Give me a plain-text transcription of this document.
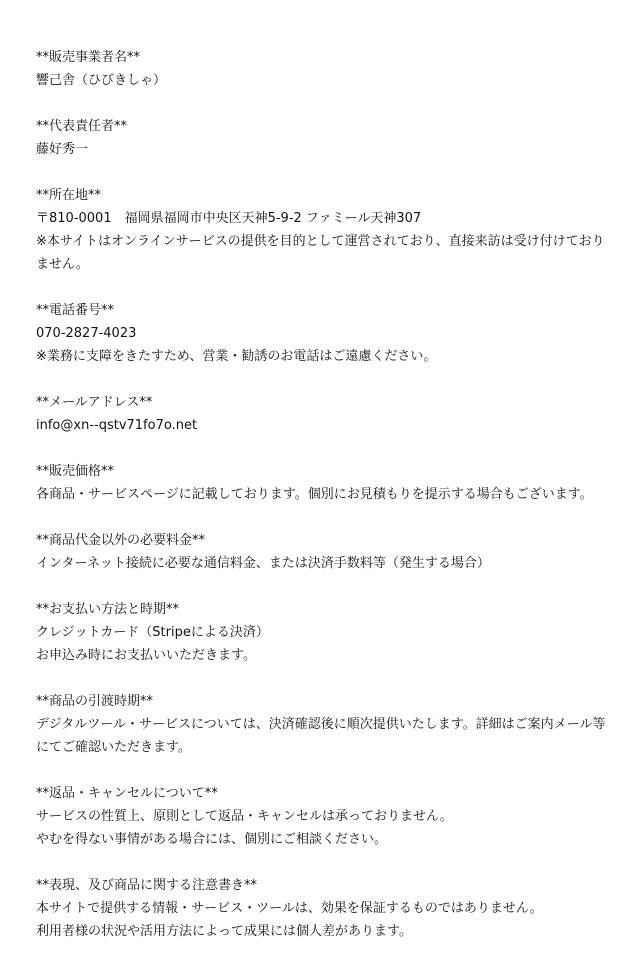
**販売事業者名**
響己舎（ひびきしゃ）
**代表責任者**
藤好秀一
**所在地**
〒810-0001　福岡県福岡市中央区天神5-9-2 ファミール天神307
※本サイトはオンラインサービスの提供を目的として運営されており、直接来訪は受け付けておりません。
**電話番号**
070-2827-4023
※業務に支障をきたすため、営業・勧誘のお電話はご遠慮ください。
**メールアドレス**
info@xn--qstv71fo7o.net
**販売価格**
各商品・サービスページに記載しております。個別にお見積もりを提示する場合もございます。
**商品代金以外の必要料金**
インターネット接続に必要な通信料金、または決済手数料等（発生する場合）
**お支払い方法と時期**
クレジットカード（Stripeによる決済）
お申込み時にお支払いいただきます。
**商品の引渡時期**
デジタルツール・サービスについては、決済確認後に順次提供いたします。詳細はご案内メール等にてご確認いただきます。
**返品・キャンセルについて**
サービスの性質上、原則として返品・キャンセルは承っておりません。
やむを得ない事情がある場合には、個別にご相談ください。
**表現、及び商品に関する注意書き**
本サイトで提供する情報・サービス・ツールは、効果を保証するものではありません。
利用者様の状況や活用方法によって成果には個人差があります。
